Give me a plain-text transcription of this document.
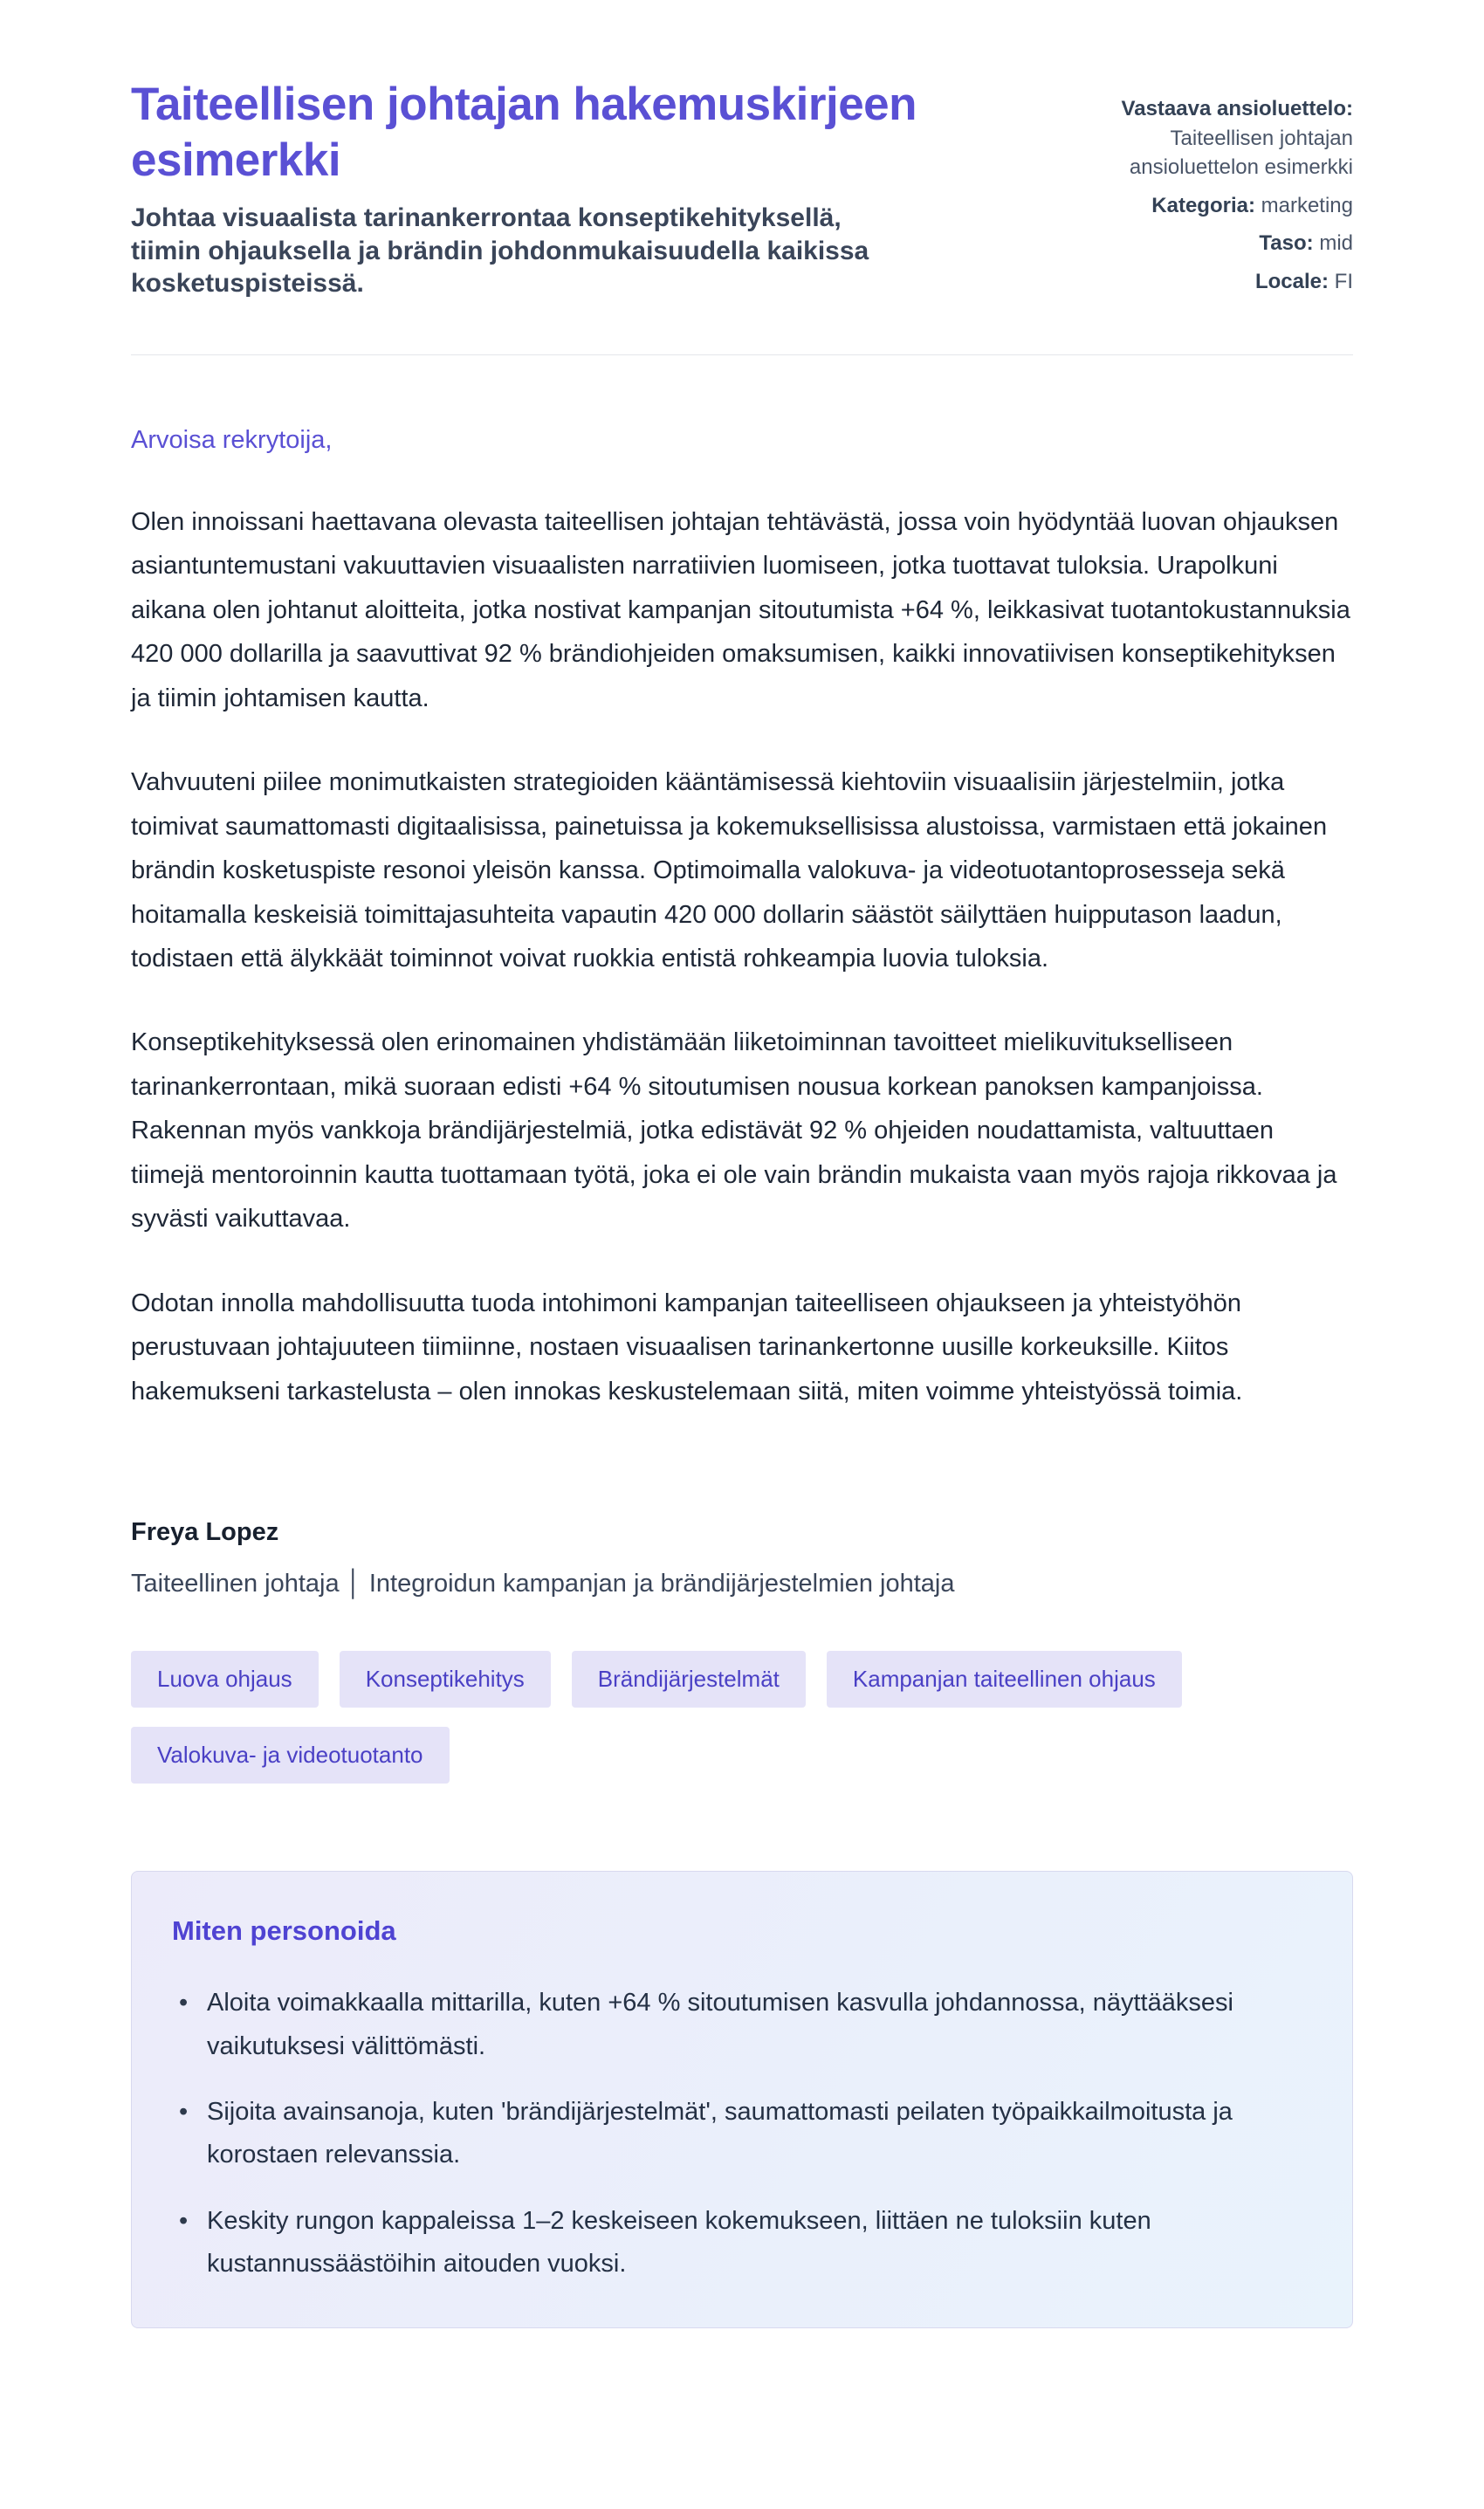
Taiteellisen johtajan hakemuskirjeen esimerkki
Johtaa visuaalista tarinankerrontaa konseptikehityksellä, tiimin ohjauksella ja brändin johdonmukaisuudella kaikissa kosketuspisteissä.
Vastaava ansioluettelo:
Taiteellisen johtajan ansioluettelon esimerkki
Kategoria: marketing
Taso: mid
Locale: FI
Arvoisa rekrytoija,

Olen innoissani haettavana olevasta taiteellisen johtajan tehtävästä, jossa voin hyödyntää luovan ohjauksen asiantuntemustani vakuuttavien visuaalisten narratiivien luomiseen, jotka tuottavat tuloksia. Urapolkuni aikana olen johtanut aloitteita, jotka nostivat kampanjan sitoutumista +64 %, leikkasivat tuotantokustannuksia 420 000 dollarilla ja saavuttivat 92 % brändiohjeiden omaksumisen, kaikki innovatiivisen konseptikehityksen ja tiimin johtamisen kautta.

Vahvuuteni piilee monimutkaisten strategioiden kääntämisessä kiehtoviin visuaalisiin järjestelmiin, jotka toimivat saumattomasti digitaalisissa, painetuissa ja kokemuksellisissa alustoissa, varmistaen että jokainen brändin kosketuspiste resonoi yleisön kanssa. Optimoimalla valokuva- ja videotuotantoprosesseja sekä hoitamalla keskeisiä toimittajasuhteita vapautin 420 000 dollarin säästöt säilyttäen huipputason laadun, todistaen että älykkäät toiminnot voivat ruokkia entistä rohkeampia luovia tuloksia.

Konseptikehityksessä olen erinomainen yhdistämään liiketoiminnan tavoitteet mielikuvitukselliseen tarinankerrontaan, mikä suoraan edisti +64 % sitoutumisen nousua korkean panoksen kampanjoissa. Rakennan myös vankkoja brändijärjestelmiä, jotka edistävät 92 % ohjeiden noudattamista, valtuuttaen tiimejä mentoroinnin kautta tuottamaan työtä, joka ei ole vain brändin mukaista vaan myös rajoja rikkovaa ja syvästi vaikuttavaa.

Odotan innolla mahdollisuutta tuoda intohimoni kampanjan taiteelliseen ohjaukseen ja yhteistyöhön perustuvaan johtajuuteen tiimiinne, nostaen visuaalisen tarinankertonne uusille korkeuksille. Kiitos hakemukseni tarkastelusta – olen innokas keskustelemaan siitä, miten voimme yhteistyössä toimia.

Freya Lopez
Taiteellinen johtaja │ Integroidun kampanjan ja brändijärjestelmien johtaja
Luova ohjaus	Konseptikehitys	Brändijärjestelmät	Kampanjan taiteellinen ohjaus
Valokuva- ja videotuotanto
Miten personoida
• Aloita voimakkaalla mittarilla, kuten +64 % sitoutumisen kasvulla johdannossa, näyttääksesi vaikutuksesi välittömästi.
• Sijoita avainsanoja, kuten 'brändijärjestelmät', saumattomasti peilaten työpaikkailmoitusta ja korostaen relevanssia.
• Keskity rungon kappaleissa 1–2 keskeiseen kokemukseen, liittäen ne tuloksiin kuten kustannussäästöihin aitouden vuoksi.
